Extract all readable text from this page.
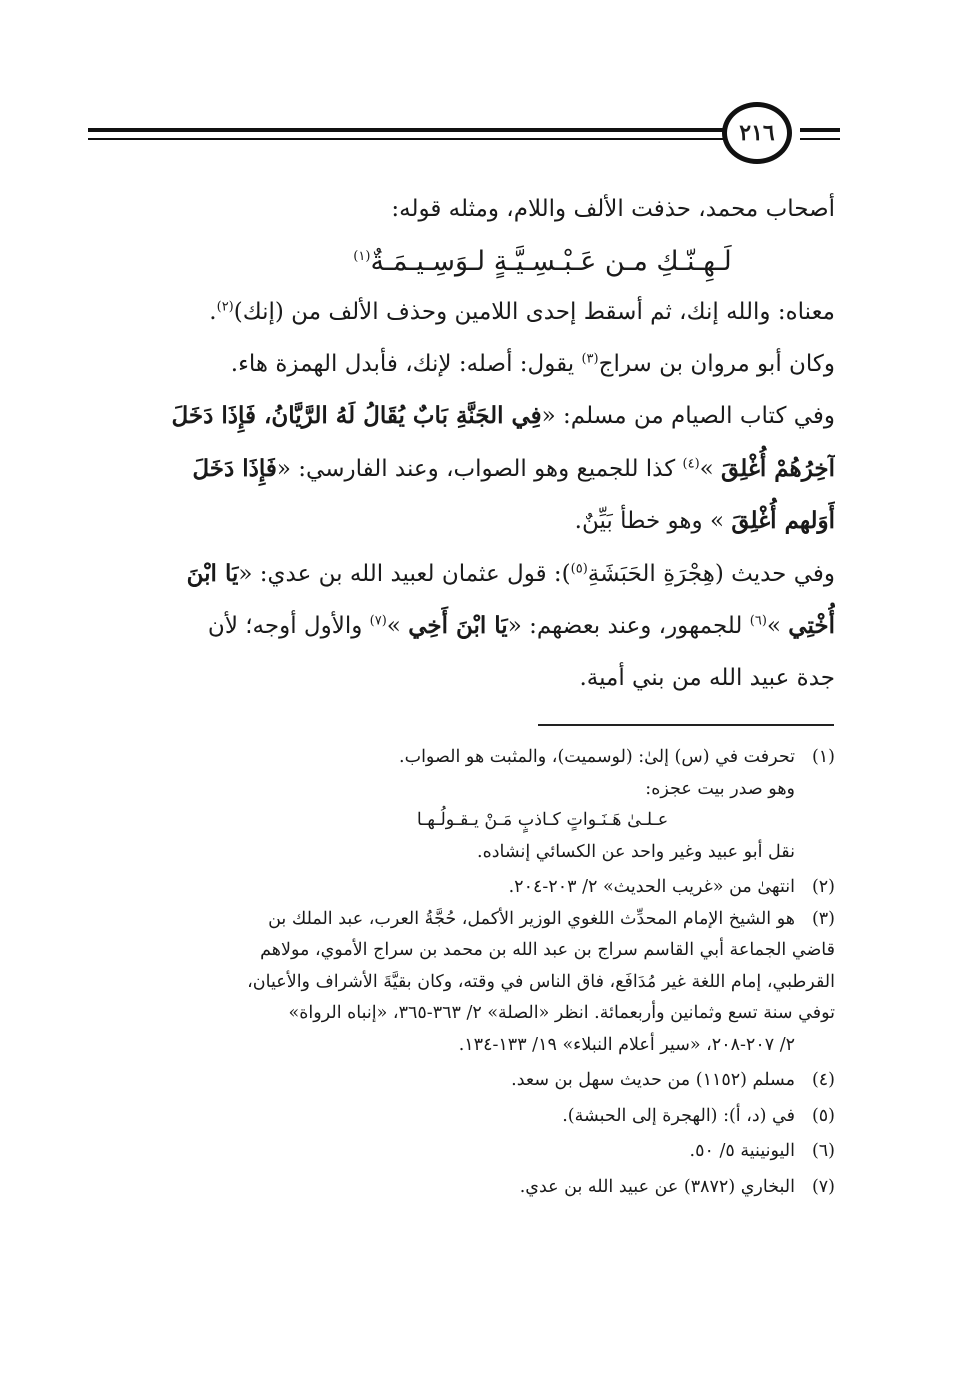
٢١٦
أصحاب محمد، حذفت الألف واللام، ومثله قوله:
لَـهِـنّـكِ مـن عَـبْـسِـيَّـةٍ لـوَسِـيـمَـةٌ$^{(١)}$
معناه: والله إنك، ثم أسقط إحدى اللامين وحذف الألف من (إنك)$^{(٢)}$.
وكان أبو مروان بن سراج$^{(٣)}$ يقول: أصله: لإنك، فأبدل الهمزة هاء.
وفي كتاب الصيام من مسلم: «فِي الجَنَّةِ بَابٌ يُقَالُ لَهُ الرَّيَّانُ، فَإِذَا دَخَلَ
آخِرُهُمْ أُغْلِقَ »$^{(٤)}$ كذا للجميع وهو الصواب، وعند الفارسي: «فَإِذَا دَخَلَ
أَوَلهم أُغْلِقَ » وهو خطأ بَيِّنٌ.
وفي حديث (هِجْرَةِ الحَبَشَةِ$^{(٥)}$): قول عثمان لعبيد الله بن عدي: «يَا ابْنَ
أُخْتِي »$^{(٦)}$ للجمهور، وعند بعضهم: «يَا ابْنَ أَخِي »$^{(٧)}$ والأول أوجه؛ لأن
جدة عبيد الله من بني أمية.
(١)
تحرفت في (س) إلىٰ: (لوسميت)، والمثبت هو الصواب.
وهو صدر بيت عجزه:
عـلـىٰ هَـنَـواتٍ كـاذبٍ مَـنْ يـقـولُـهـا
نقل أبو عبيد وغير واحد عن الكسائي إنشاده.
(٢)
انتهىٰ من «غريب الحديث» ٢/ ٢٠٣-٢٠٤.
(٣)
هو الشيخ الإمام المحدِّث اللغوي الوزير الأكمل، حُجَّةُ العرب، عبد الملك بن
قاضي الجماعة أبي القاسم سراج بن عبد الله بن محمد بن سراج الأموي، مولاهم
القرطبي، إمام اللغة غير مُدَافَع، فاق الناس في وقته، وكان بقيَّةَ الأشراف والأعيان،
توفي سنة تسع وثمانين وأربعمائة. انظر «الصلة» ٢/ ٣٦٣-٣٦٥، «إنباه الرواة»
٢/ ٢٠٧-٢٠٨، «سير أعلام النبلاء» ١٩/ ١٣٣-١٣٤.
(٤)
مسلم (١١٥٢) من حديث سهل بن سعد.
(٥)
في (د، أ): (الهجرة إلى الحبشة).
(٦)
اليونينية ٥/ ٥٠.
(٧)
البخاري (٣٨٧٢) عن عبيد الله بن عدي.
